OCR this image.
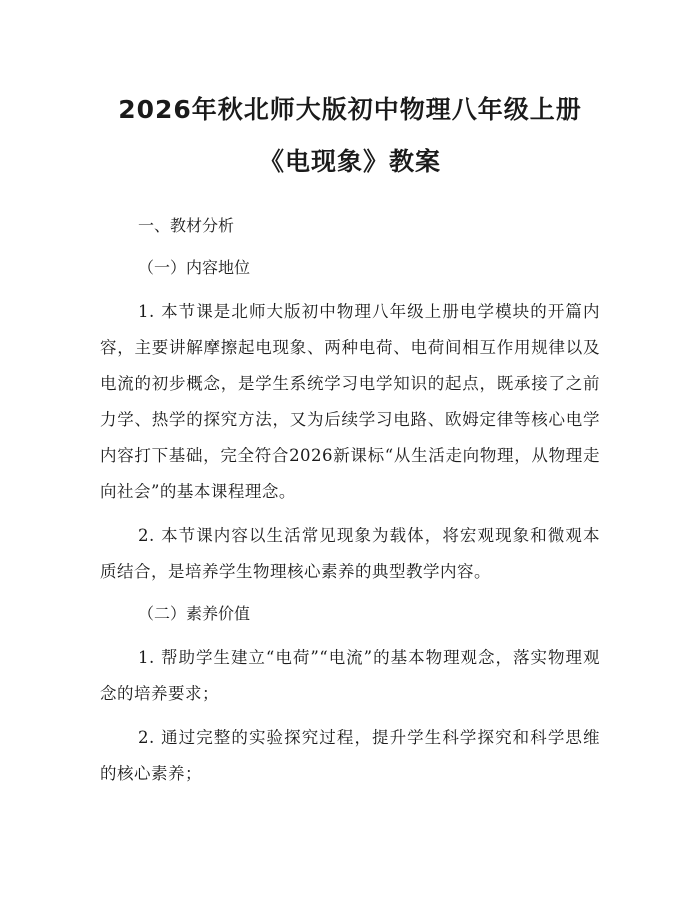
2026年秋北师大版初中物理八年级上册《电现象》教案
一、教材分析
（一）内容地位

1. 本节课是北师大版初中物理八年级上册电学模块的开篇内容，主要讲解摩擦起电现象、两种电荷、电荷间相互作用规律以及电流的初步概念，是学生系统学习电学知识的起点，既承接了之前力学、热学的探究方法，又为后续学习电路、欧姆定律等核心电学内容打下基础，完全符合2026新课标“从生活走向物理，从物理走向社会”的基本课程理念。

2. 本节课内容以生活常见现象为载体，将宏观现象和微观本质结合，是培养学生物理核心素养的典型教学内容。

（二）素养价值

1. 帮助学生建立“电荷”“电流”的基本物理观念，落实物理观念的培养要求；

2. 通过完整的实验探究过程，提升学生科学探究和科学思维的核心素养；
